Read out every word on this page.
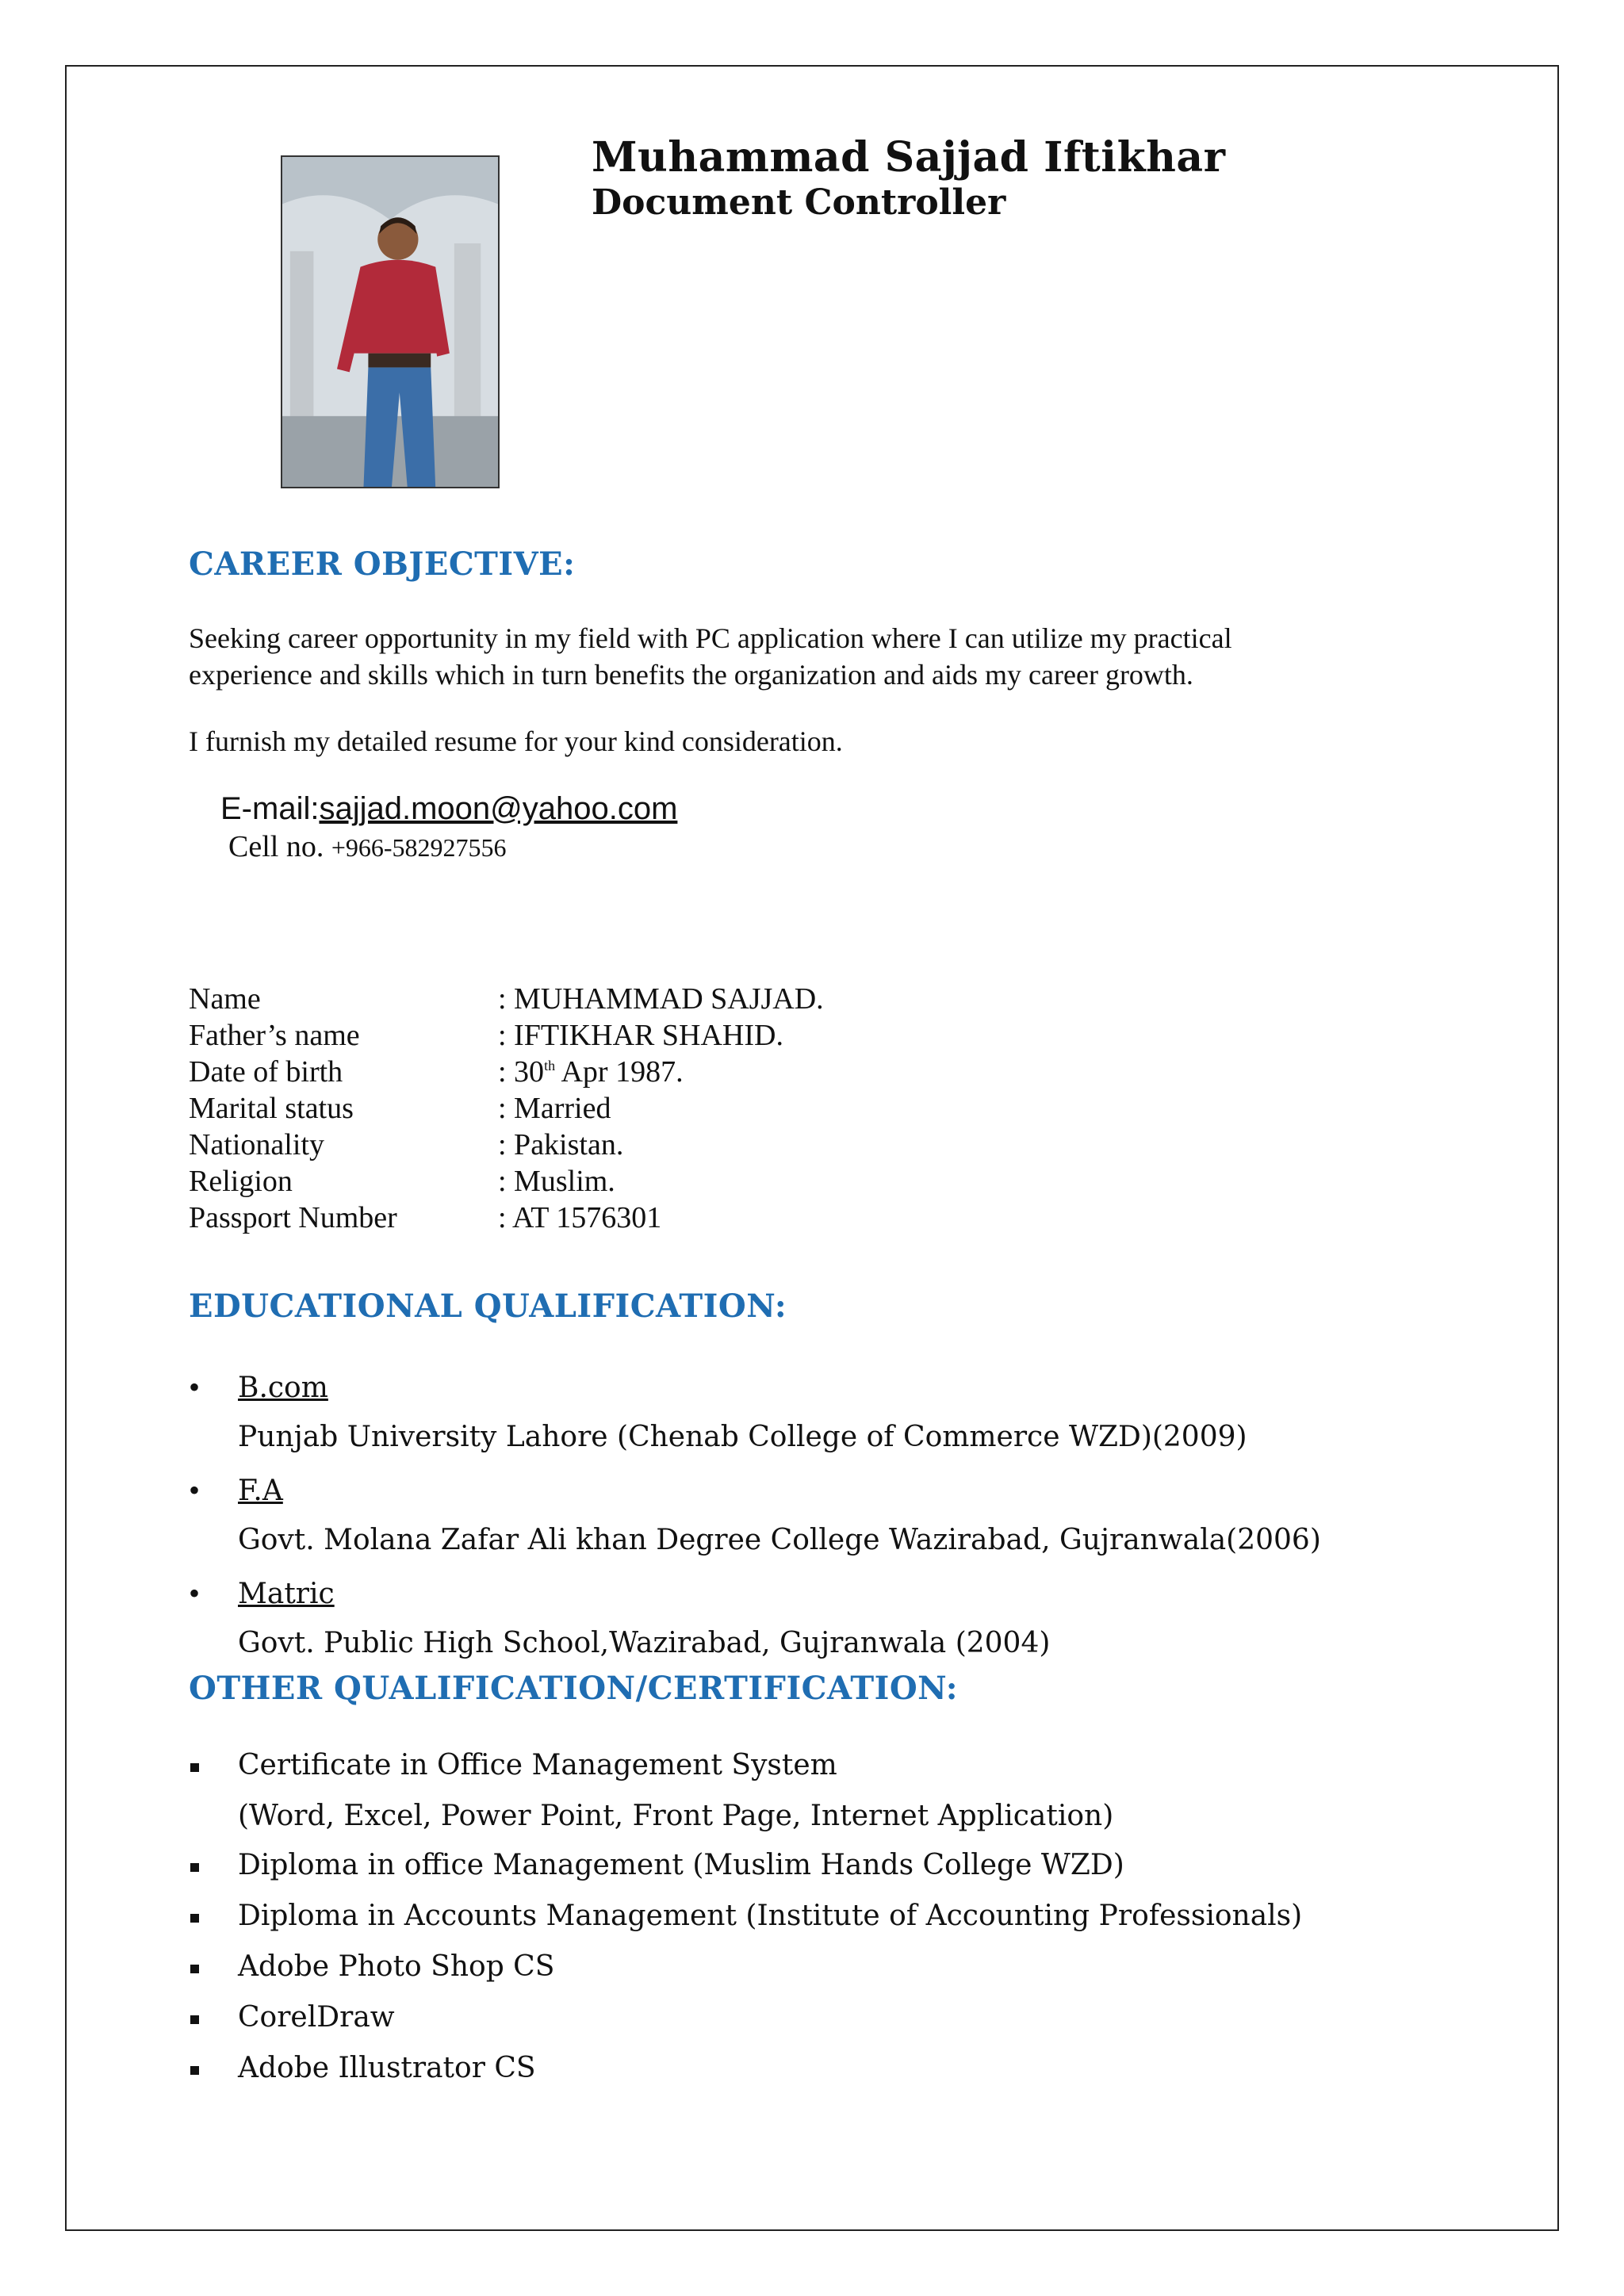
Muhammad Sajjad Iftikhar
Document Controller
CAREER OBJECTIVE:
Seeking career opportunity in my field with PC application where I can utilize my practical
experience and skills which in turn benefits the organization and aids my career growth.
I furnish my detailed resume for your kind consideration.
E-mail:sajjad.moon@yahoo.com
Cell no. +966-582927556
Name	: MUHAMMAD SAJJAD.
Father’s name	: IFTIKHAR SHAHID.
Date of birth	: 30th Apr 1987.
Marital status	: Married
Nationality	: Pakistan.
Religion	: Muslim.
Passport Number	: AT 1576301
EDUCATIONAL QUALIFICATION:
• B.com
Punjab University Lahore (Chenab College of Commerce WZD)(2009)
• F.A
Govt. Molana Zafar Ali khan Degree College Wazirabad, Gujranwala(2006)
• Matric
Govt. Public High School,Wazirabad, Gujranwala (2004)
OTHER QUALIFICATION/CERTIFICATION:
Certificate in Office Management System
(Word, Excel, Power Point, Front Page, Internet Application)
Diploma in office Management (Muslim Hands College WZD)
Diploma in Accounts Management (Institute of Accounting Professionals)
Adobe Photo Shop CS
CorelDraw
Adobe Illustrator CS
